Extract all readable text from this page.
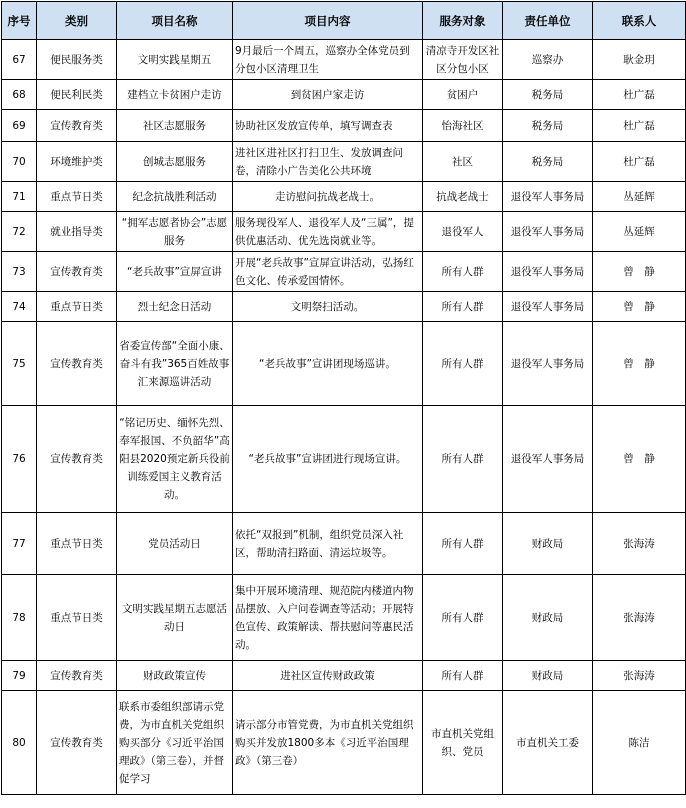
序号	类别	项目名称	项目内容	服务对象	责任单位	联系人
67	便民服务类	文明实践星期五	9月最后一个周五，巡察办全体党员到分包小区清理卫生	清凉寺开发区社区分包小区	巡察办	耿金玥
68	便民利民类	建档立卡贫困户走访	到贫困户家走访	贫困户	税务局	杜广磊
69	宣传教育类	社区志愿服务	协助社区发放宣传单，填写调查表	怡海社区	税务局	杜广磊
70	环境维护类	创城志愿服务	进社区进社区打扫卫生、发放调查问卷，清除小广告美化公共环境	社区	税务局	杜广磊
71	重点节日类	纪念抗战胜利活动	走访慰问抗战老战士。	抗战老战士	退役军人事务局	丛延辉
72	就业指导类	“拥军志愿者协会”志愿服务	服务现役军人、退役军人及“三属”，提供优惠活动、优先选岗就业等。	退役军人	退役军人事务局	丛延辉
73	宣传教育类	“老兵故事”宣屏宣讲	开展“老兵故事”宣屏宣讲活动，弘扬红色文化、传承爱国情怀。	所有人群	退役军人事务局	曾　静
74	重点节日类	烈士纪念日活动	文明祭扫活动。	所有人群	退役军人事务局	曾　静
75	宣传教育类	省委宣传部“全面小康、奋斗有我”365百姓故事汇来源巡讲活动	“老兵故事”宣讲团现场巡讲。	所有人群	退役军人事务局	曾　静
76	宣传教育类	“铭记历史、缅怀先烈、奉军报国、不负韶华”高阳县2020预定新兵役前训练爱国主义教育活动。	“老兵故事”宣讲团进行现场宣讲。	所有人群	退役军人事务局	曾　静
77	重点节日类	党员活动日	依托“双报到”机制，组织党员深入社区，帮助清扫路面、清运垃圾等。	所有人群	财政局	张海涛
78	重点节日类	文明实践星期五志愿活动日	集中开展环境清理、规范院内楼道内物品摆放、入户问卷调查等活动；开展特色宣传、政策解读、帮扶慰问等惠民活动。	所有人群	财政局	张海涛
79	宣传教育类	财政政策宣传	进社区宣传财政政策	所有人群	财政局	张海涛
80	宣传教育类	联系市委组织部请示党费，为市直机关党组织购买部分《习近平治国理政》（第三卷），并督促学习	请示部分市管党费，为市直机关党组织购买并发放1800多本《习近平治国理政》（第三卷）	市直机关党组织、党员	市直机关工委	陈洁
